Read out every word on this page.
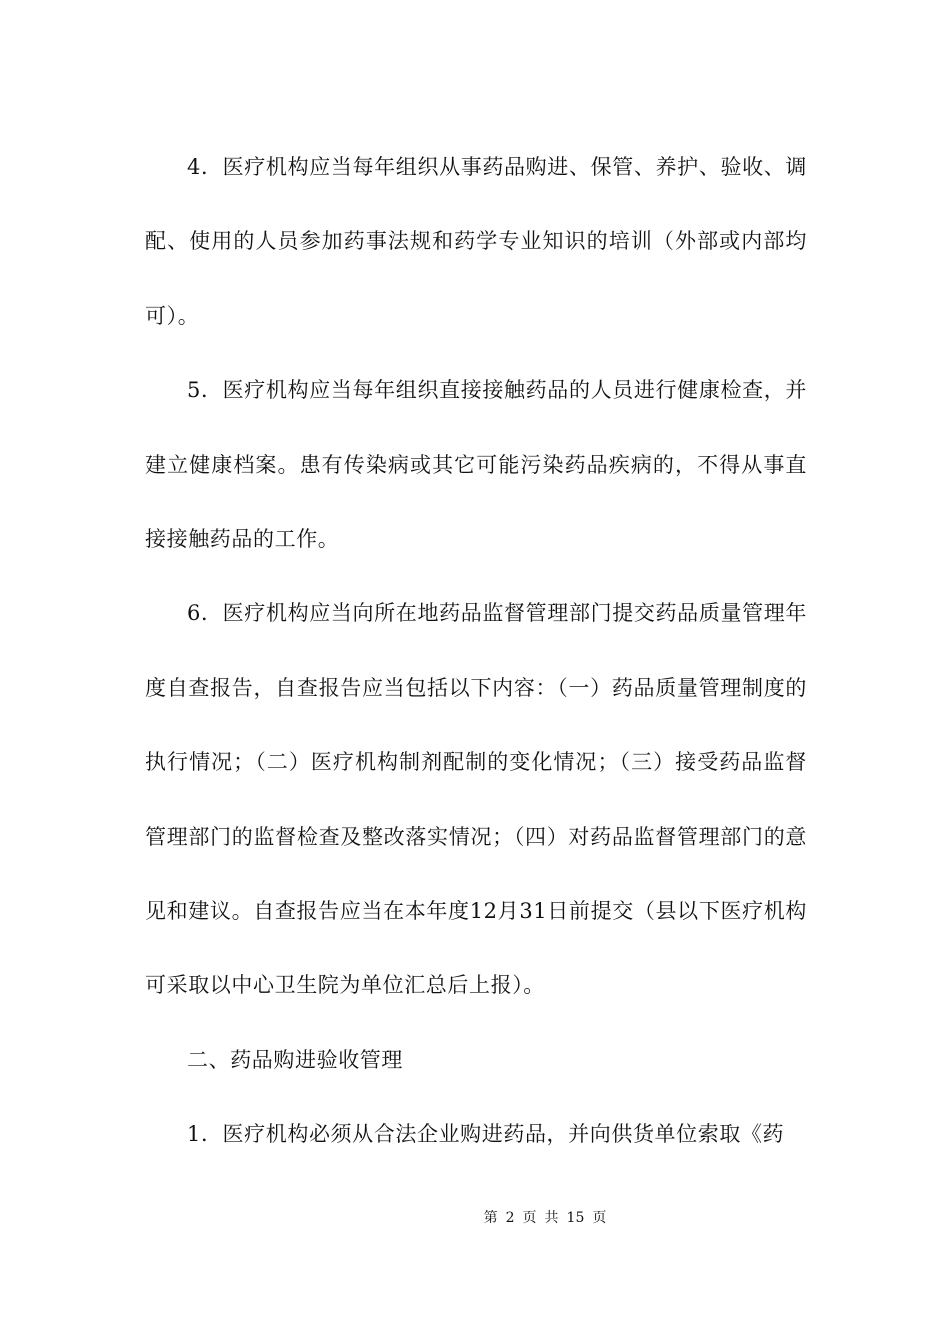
4．医疗机构应当每年组织从事药品购进、保管、养护、验收、调配、使用的人员参加药事法规和药学专业知识的培训（外部或内部均可）。

5．医疗机构应当每年组织直接接触药品的人员进行健康检查，并建立健康档案。患有传染病或其它可能污染药品疾病的，不得从事直接接触药品的工作。

6．医疗机构应当向所在地药品监督管理部门提交药品质量管理年度自查报告，自查报告应当包括以下内容：（一）药品质量管理制度的执行情况；（二）医疗机构制剂配制的变化情况；（三）接受药品监督管理部门的监督检查及整改落实情况；（四）对药品监督管理部门的意见和建议。自查报告应当在本年度12月31日前提交（县以下医疗机构可采取以中心卫生院为单位汇总后上报）。

二、药品购进验收管理

1．医疗机构必须从合法企业购进药品，并向供货单位索取《药

第 2 页 共 15 页
